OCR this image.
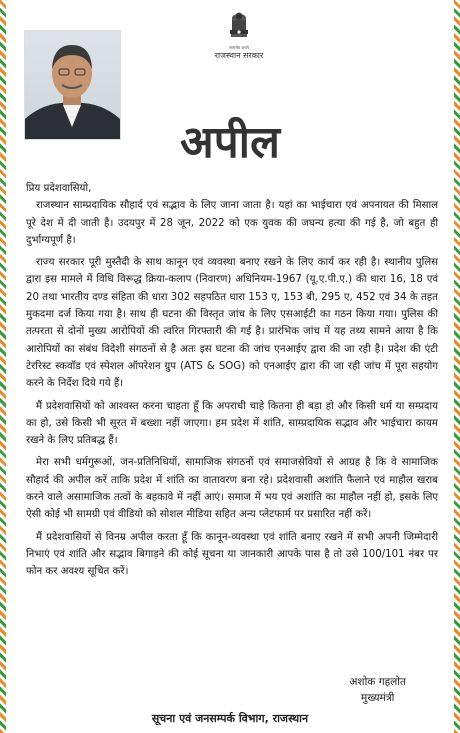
सत्यमेव जयते
राजस्थान सरकार
अपील

प्रिय प्रदेशवासियो,

राजस्थान साम्प्रदायिक सौहार्द एवं सद्भाव के लिए जाना जाता है। यहां का भाईचारा एवं अपनायत की मिसाल पूरे देश में दी जाती है। उदयपुर में 28 जून, 2022 को एक युवक की जघन्य हत्या की गई है, जो बहुत ही दुर्भाग्यपूर्ण है।

राज्य सरकार पूरी मुस्तैदी के साथ कानून एवं व्यवस्था बनाए रखने के लिए कार्य कर रही है। स्थानीय पुलिस द्वारा इस मामले में विधि विरूद्ध क्रिया-कलाप (निवारण) अधिनियम-1967 (यू.ए.पी.ए.) की धारा 16, 18 एवं 20 तथा भारतीय दण्ड संहिता की धारा 302 सहपठित धारा 153 ए, 153 बी, 295 ए, 452 एवं 34 के तहत मुकदमा दर्ज किया गया है। साथ ही घटना की विस्तृत जांच के लिए एसआईटी का गठन किया गया। पुलिस की तत्परता से दोनों मुख्य आरोपियों की त्वरित गिरफ्तारी की गई है। प्रारंभिक जांच में यह तथ्य सामने आया है कि आरोपियों का संबंध विदेशी संगठनों से है अतः इस घटना की जांच एनआईए द्वारा की जा रही है। प्रदेश की एंटी टेररिस्ट स्कवॉड एवं स्पेशल ऑपरेशन ग्रुप (ATS & SOG) को एनआईए द्वारा की जा रही जांच में पूरा सहयोग करने के निर्देश दिये गये हैं।

मैं प्रदेशवासियों को आश्वस्त करना चाहता हूँ कि अपराधी चाहे कितना ही बड़ा हो और किसी धर्म या सम्प्रदाय का हो, उसे किसी भी सूरत में बख्शा नहीं जाएगा। हम प्रदेश में शांति, साम्प्रदायिक सद्भाव और भाईचारा कायम रखने के लिए प्रतिबद्ध हैं।

मेरा सभी धर्मगुरूओं, जन-प्रतिनिधियों, सामाजिक संगठनों एवं समाजसेवियों से आग्रह है कि वे सामाजिक सौहार्द की अपील करें ताकि प्रदेश में शांति का वातावरण बना रहे। प्रदेशवासी अशांति फैलाने एवं माहौल खराब करने वाले असामाजिक तत्वों के बहकावे में नहीं आएं। समाज में भय एवं अशांति का माहौल नहीं हो, इसके लिए ऐसी कोई भी सामग्री एवं वीडियो को सोशल मीडिया सहित अन्य प्लेटफार्म पर प्रसारित नहीं करें।

मैं प्रदेशवासियों से विनम्र अपील करता हूँ कि कानून-व्यवस्था एवं शांति बनाए रखने में सभी अपनी जिम्मेदारी निभाएं एवं शांति और सद्भाव बिगाड़ने की कोई सूचना या जानकारी आपके पास है तो उसे 100/101 नंबर पर फोन कर अवश्य सूचित करें।

अशोक गहलोत
मुख्यमंत्री
सूचना एवं जनसम्पर्क विभाग, राजस्थान
